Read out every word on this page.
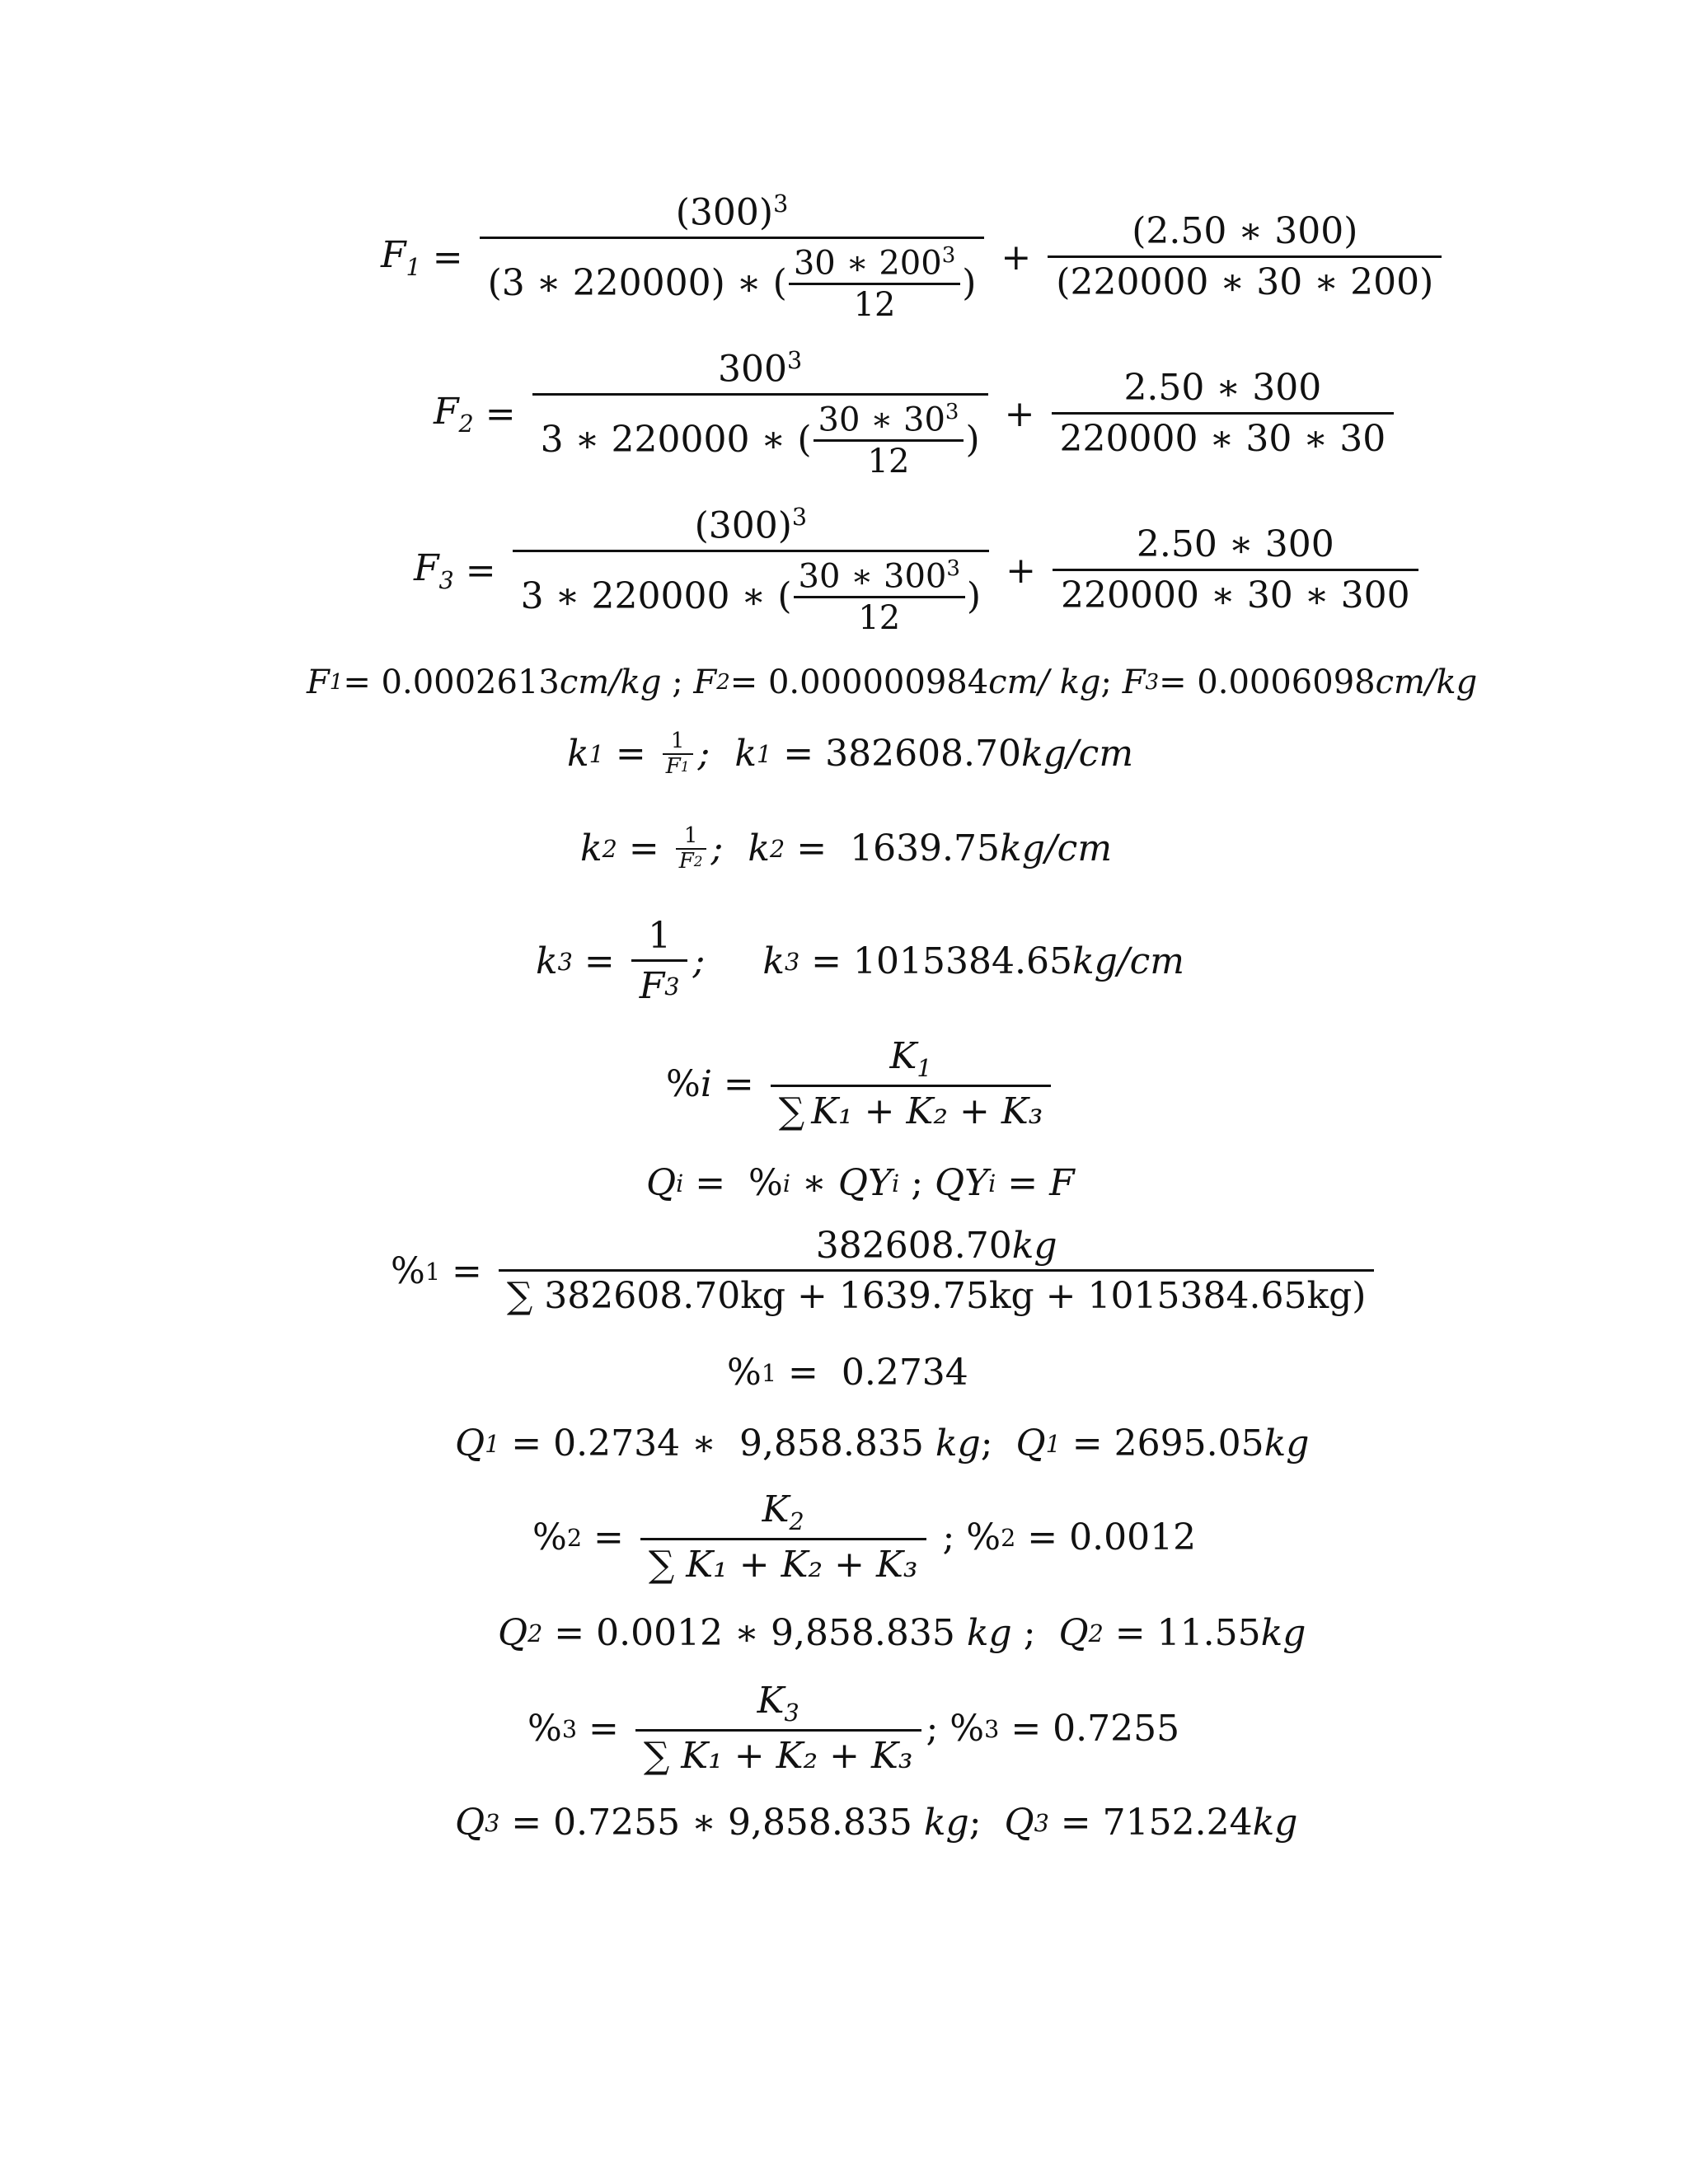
$F_1 = \frac{(300)^3}{(3 ∗ 220000) ∗ ( \frac{30 ∗ 200^3}{12} )} + \frac{(2.50 ∗ 300)}{(220000 ∗ 30 ∗ 200)}$
$F_2 = \frac{300^3}{3 ∗ 220000 ∗ ( \frac{30 ∗ 30^3}{12} )} + \frac{2.50 ∗ 300}{220000 ∗ 30 ∗ 30}$
$F_3 = \frac{(300)^3}{3 ∗ 220000 ∗ ( \frac{30 ∗ 300^3}{12} )} + \frac{2.50 ∗ 300}{220000 ∗ 30 ∗ 300}$
F 1 = 0.0002613 cm/kg ; F 2 = 0.000000984 cm/ kg ; F 3 = 0.0006098 cm/kg
k $1 = \frac{1}{F 1}$ ; k 1 = 382608.70 kg/cm
k $2 = \frac{1}{F 2}$ ; k 2 =  1639.75 kg/cm
k $3 = \frac{1}{F 3}$ ; k 3 = 1015384.65 kg/cm
% $i = \frac{K_1}{\text{∑ K₁ + K₂ + K₃}}$
Q i =  % i ∗ QY i ; QY i = F
% $1 = \frac{382608.70kg}{\sum 382608.70kg + 1639.75kg + 1015384.65kg)}$
% 1 =  0.2734
Q 1 = 0.2734 ∗  9,858.835 kg ; Q 1 = 2695.05 kg
% $2 = \frac{K_2}{\text{∑ K₁ + K₂ + K₃}}$ ; % 2 = 0.0012
Q 2 = 0.0012 ∗ 9,858.835 kg ; Q 2 = 11.55 kg
% $3 = \frac{K_3}{\text{∑ K₁ + K₂ + K₃}}$ ; % 3 = 0.7255
Q 3 = 0.7255 ∗ 9,858.835 kg ; Q 3 = 7152.24 kg
